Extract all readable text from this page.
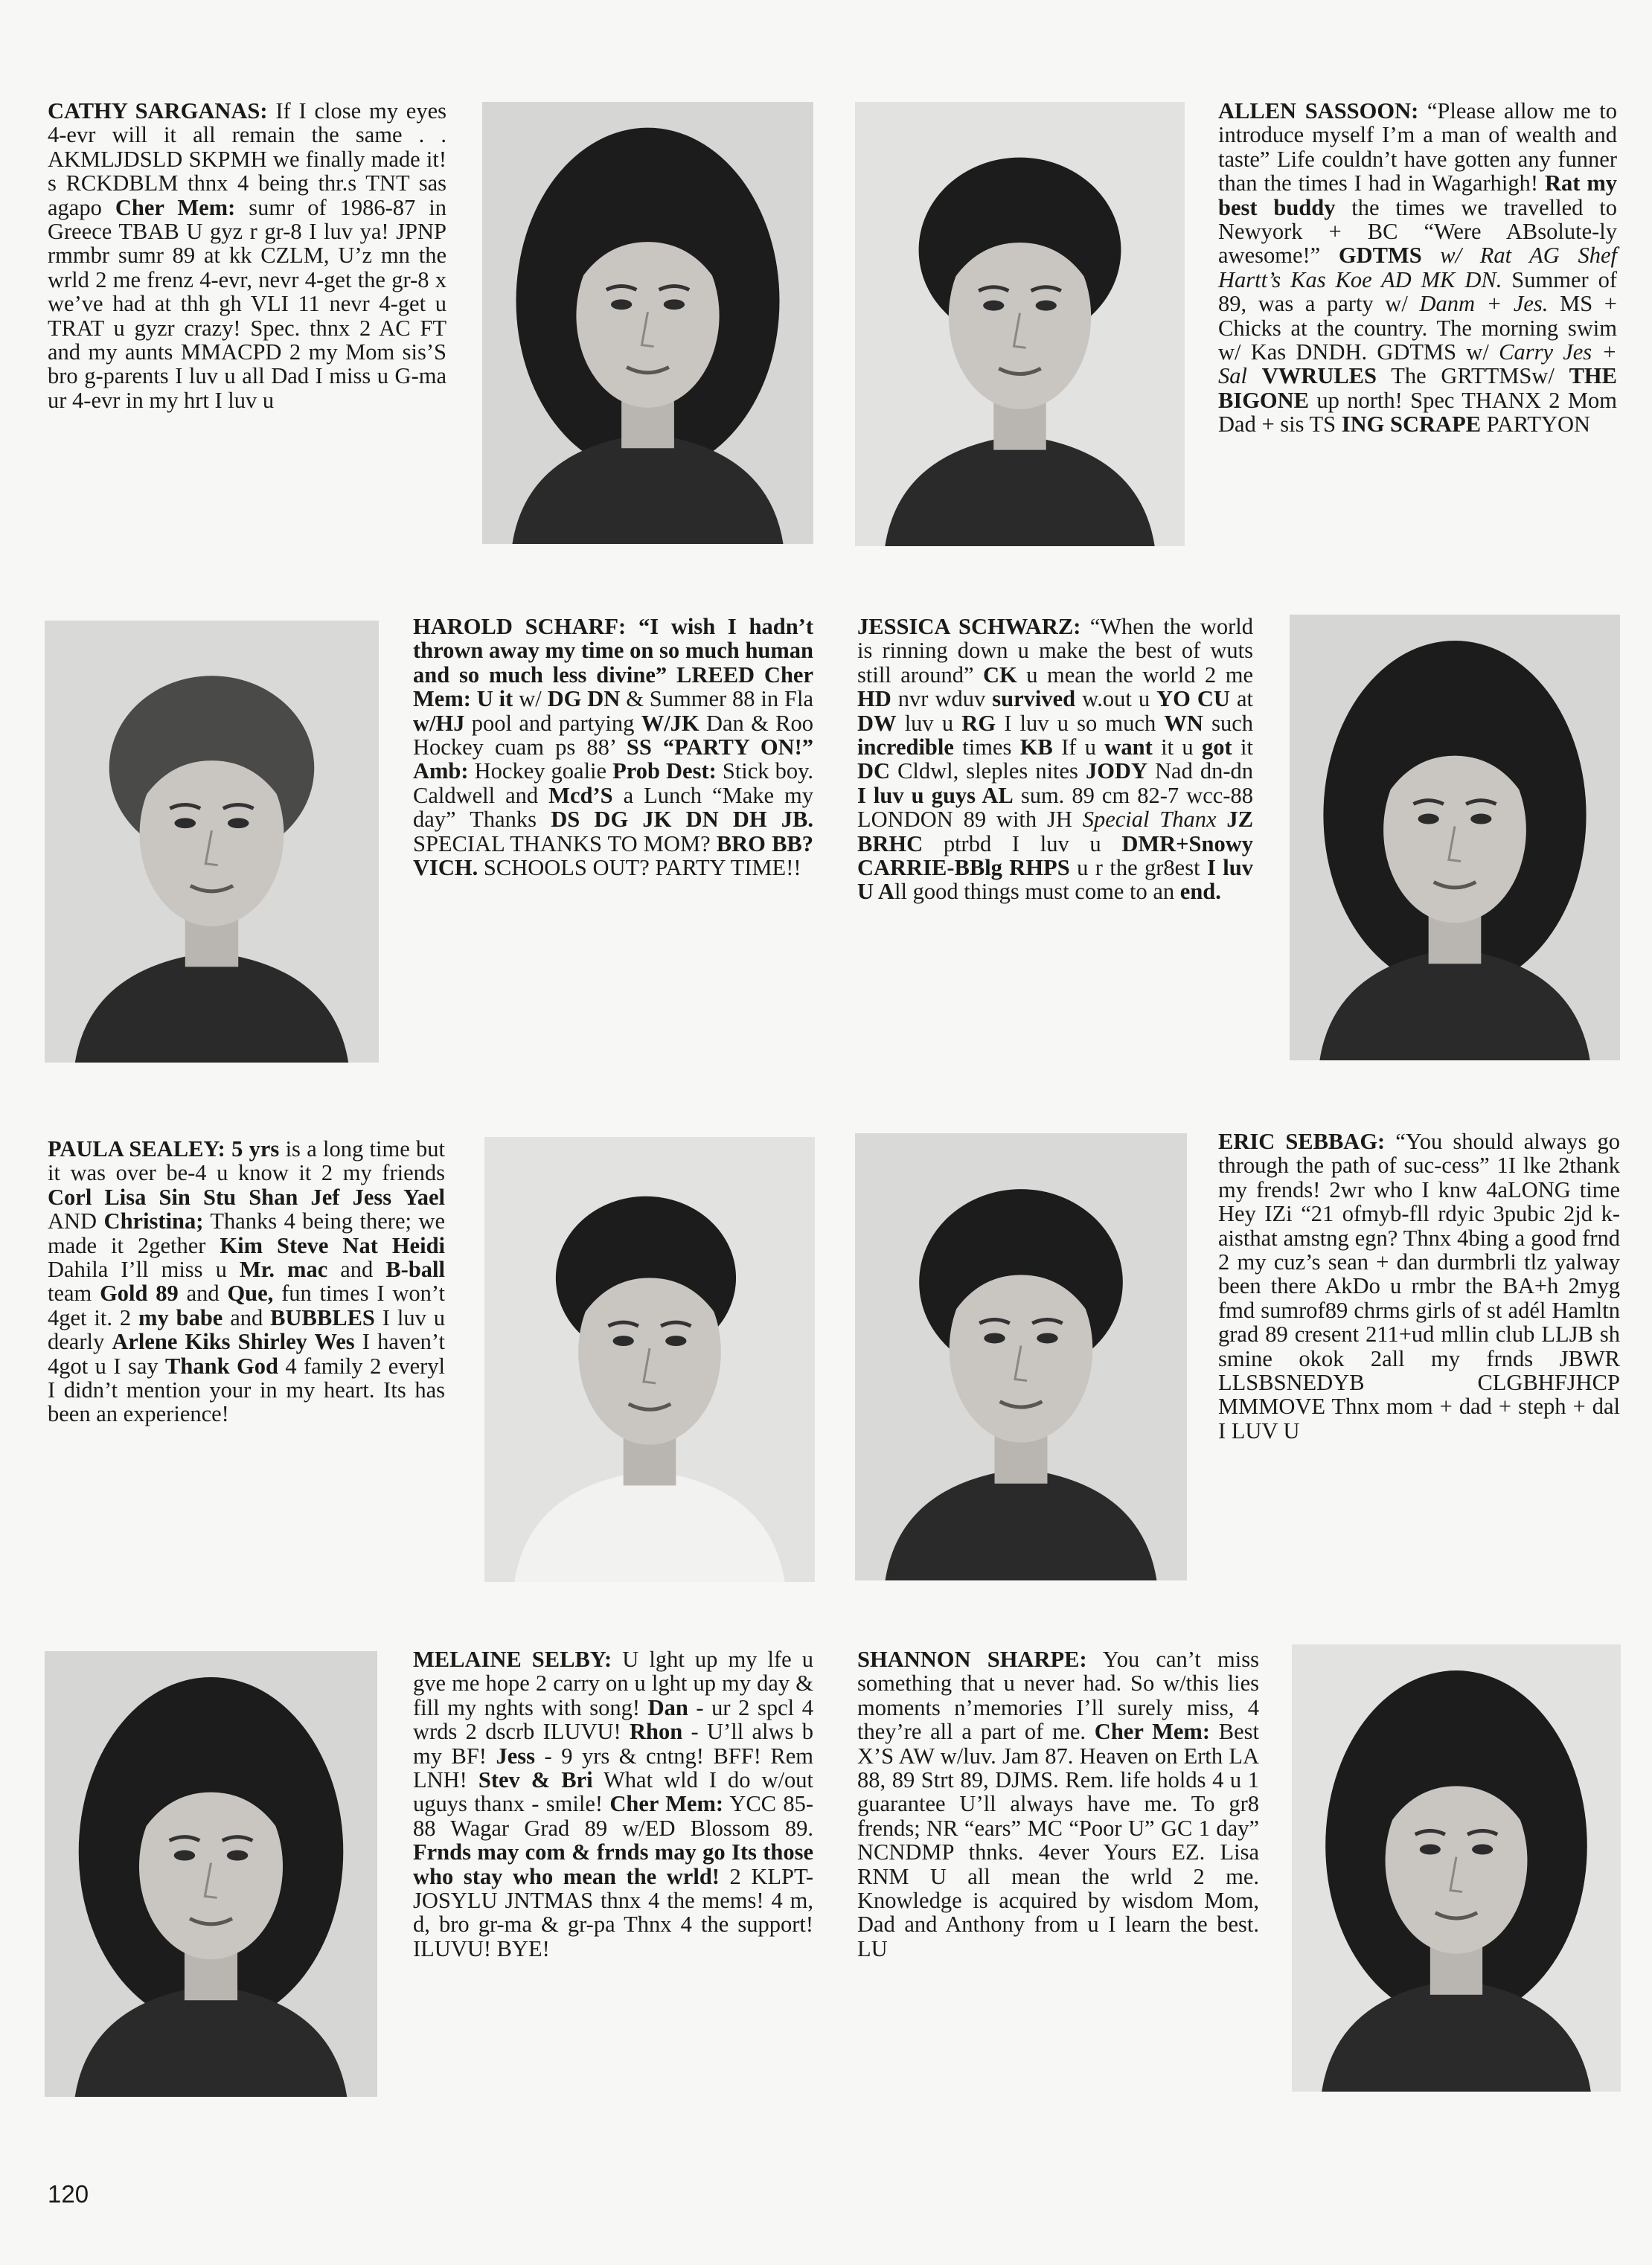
CATHY SARGANAS: If I close my eyes 4-evr will it all remain the same . . AKMLJDSLD SKPMH we finally made it! s RCKDBLM thnx 4 being thr.s TNT sas agapo Cher Mem: sumr of 1986-87 in Greece TBAB U gyz r gr-8 I luv ya! JPNP rmmbr sumr 89 at kk CZLM, U’z mn the wrld 2 me frenz 4-evr, nevr 4-get the gr-8 x we’ve had at thh gh VLI 11 nevr 4-get u TRAT u gyzr crazy! Spec. thnx 2 AC FT and my aunts MMACPD 2 my Mom sis’S bro g-parents I luv u all Dad I miss u G-ma ur 4-evr in my hrt I luv u
ALLEN SASSOON: “Please allow me to introduce myself I’m a man of wealth and taste” Life couldn’t have gotten any funner than the times I had in Wagarhigh! Rat my best buddy the times we travelled to Newyork + BC “Were ABsolute-ly awesome!” GDTMS w/ Rat AG Shef Hartt’s Kas Koe AD MK DN. Summer of 89, was a party w/ Danm + Jes. MS + Chicks at the country. The morning swim w/ Kas DNDH. GDTMS w/ Carry Jes + Sal VWRULES The GRTTMSw/ THE BIGONE up north! Spec THANX 2 Mom Dad + sis TS ING SCRAPE PARTYON
HAROLD SCHARF: “I wish I hadn’t thrown away my time on so much human and so much less divine” LREED Cher Mem: U it w/ DG DN & Summer 88 in Fla w/HJ pool and partying W/JK Dan & Roo Hockey cuam ps 88’ SS “PARTY ON!” Amb: Hockey goalie Prob Dest: Stick boy. Caldwell and Mcd’S a Lunch “Make my day” Thanks DS DG JK DN DH JB. SPECIAL THANKS TO MOM? BRO BB? VICH. SCHOOLS OUT? PARTY TIME!!
JESSICA SCHWARZ: “When the world is rinning down u make the best of wuts still around” CK u mean the world 2 me HD nvr wduv survived w.out u YO CU at DW luv u RG I luv u so much WN such incredible times KB If u want it u got it DC Cldwl, sleples nites JODY Nad dn-dn I luv u guys AL sum. 89 cm 82-7 wcc-88 LONDON 89 with JH Special Thanx JZ BRHC ptrbd I luv u DMR+Snowy CARRIE-BBlg RHPS u r the gr8est I luv U All good things must come to an end.
PAULA SEALEY: 5 yrs is a long time but it was over be-4 u know it 2 my friends Corl Lisa Sin Stu Shan Jef Jess Yael AND Christina; Thanks 4 being there; we made it 2gether Kim Steve Nat Heidi Dahila I’ll miss u Mr. mac and B-ball team Gold 89 and Que, fun times I won’t 4get it. 2 my babe and BUBBLES I luv u dearly Arlene Kiks Shirley Wes I haven’t 4got u I say Thank God 4 family 2 everyl I didn’t mention your in my heart. Its has been an experience!
ERIC SEBBAG: “You should always go through the path of suc-cess” 1I lke 2thank my frends! 2wr who I knw 4aLONG time Hey IZi “21 ofmyb-fll rdyic 3pubic 2jd k-aisthat amstng egn? Thnx 4bing a good frnd 2 my cuz’s sean + dan durmbrli tlz yalway been there AkDo u rmbr the BA+h 2myg fmd sumrof89 chrms girls of st adél Hamltn grad 89 cresent 211+ud mllin club LLJB sh smine okok 2all my frnds JBWR LLSBSNEDYB CLGBHFJHCP MMMOVE Thnx mom + dad + steph + dal I LUV U
MELAINE SELBY: U lght up my lfe u gve me hope 2 carry on u lght up my day & fill my nghts with song! Dan - ur 2 spcl 4 wrds 2 dscrb ILUVU! Rhon - U’ll alws b my BF! Jess - 9 yrs & cntng! BFF! Rem LNH! Stev & Bri What wld I do w/out uguys thanx - smile! Cher Mem: YCC 85-88 Wagar Grad 89 w/ED Blossom 89. Frnds may com & frnds may go Its those who stay who mean the wrld! 2 KLPT-JOSYLU JNTMAS thnx 4 the mems! 4 m, d, bro gr-ma & gr-pa Thnx 4 the support! ILUVU! BYE!
SHANNON SHARPE: You can’t miss something that u never had. So w/this lies moments n’memories I’ll surely miss, 4 they’re all a part of me. Cher Mem: Best X’S AW w/luv. Jam 87. Heaven on Erth LA 88, 89 Strt 89, DJMS. Rem. life holds 4 u 1 guarantee U’ll always have me. To gr8 frends; NR “ears” MC “Poor U” GC 1 day” NCNDMP thnks. 4ever Yours EZ. Lisa RNM U all mean the wrld 2 me. Knowledge is acquired by wisdom Mom, Dad and Anthony from u I learn the best. LU
120
